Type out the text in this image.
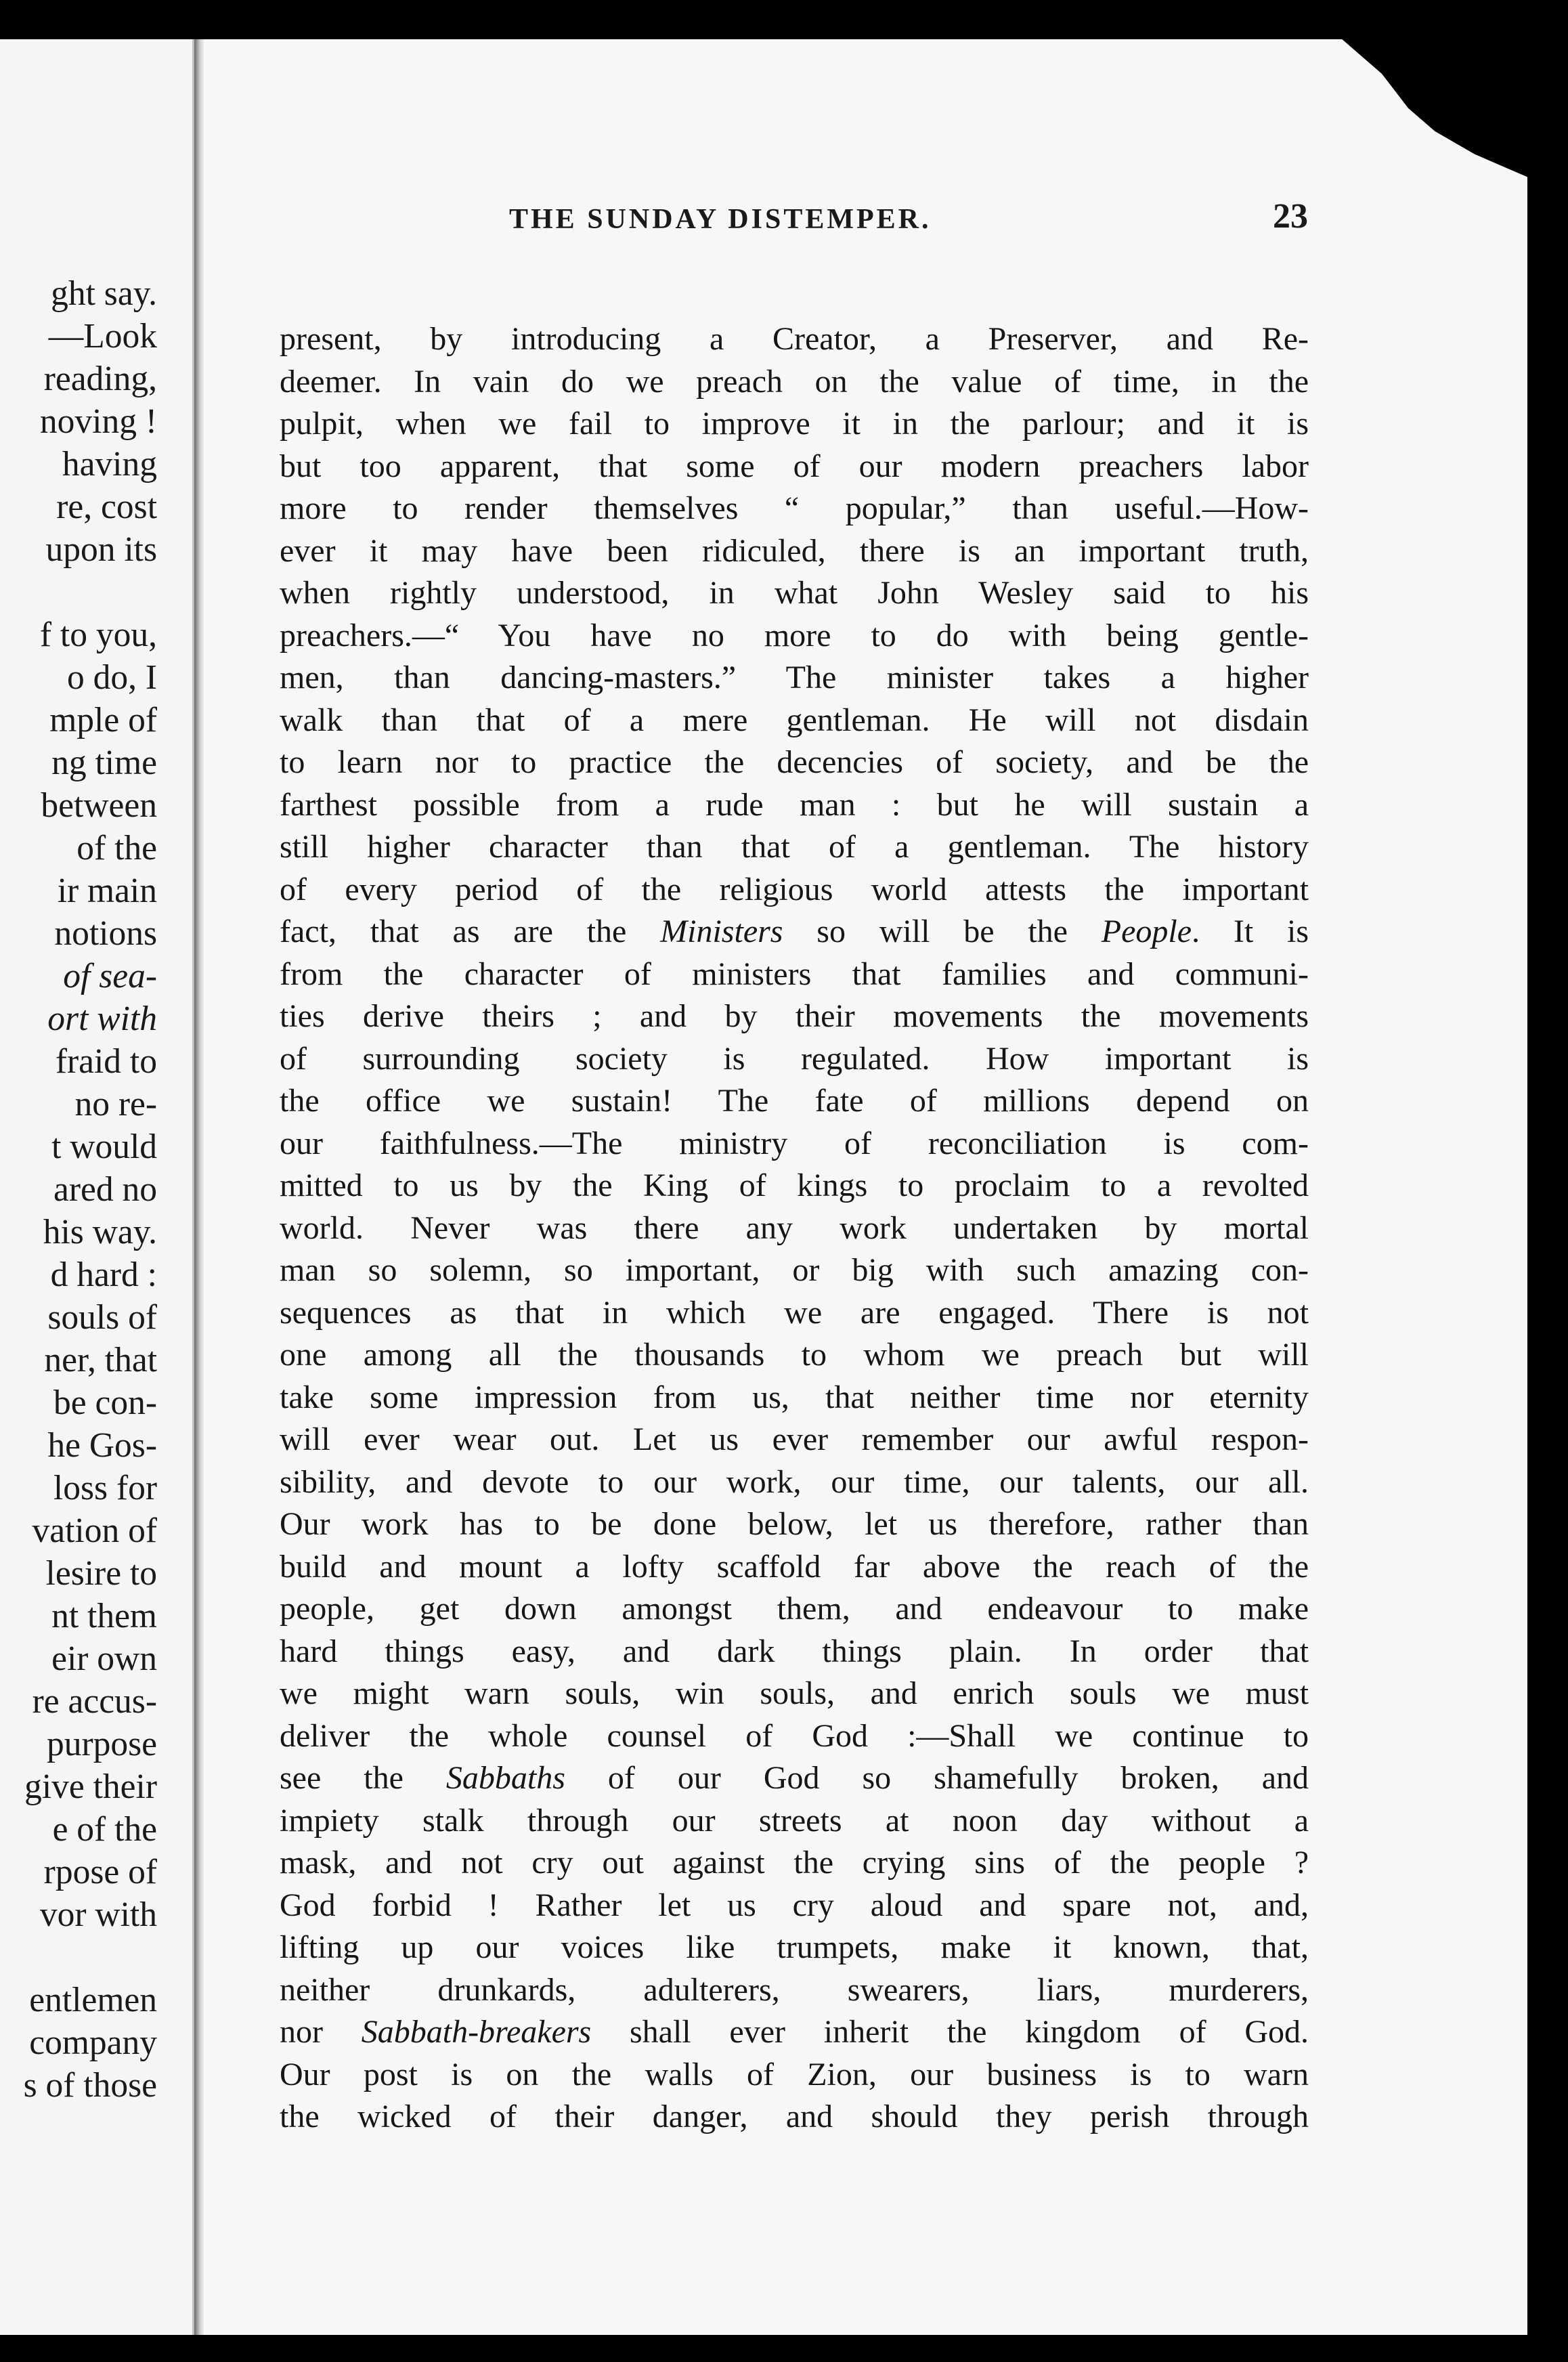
ght say.
—Look
reading,
noving !
having
re, cost
upon its
f to you,
o do, I
mple of
ng time
between
of the
ir main
notions
of sea-
ort with
fraid to
no re-
t would
ared no
his way.
d hard :
souls of
ner, that
be con-
he Gos-
loss for
vation of
lesire to
nt them
eir own
re accus-
purpose
give their
e of the
rpose of
vor with
entlemen
company
s of those
THE SUNDAY DISTEMPER.	23
present, by introducing a Creator, a Preserver, and Re-
deemer. In vain do we preach on the value of time, in the
pulpit, when we fail to improve it in the parlour; and it is
but too apparent, that some of our modern preachers labor
more to render themselves “ popular,” than useful.—How-
ever it may have been ridiculed, there is an important truth,
when rightly understood, in what John Wesley said to his
preachers.—“ You have no more to do with being gentle-
men, than dancing-masters.” The minister takes a higher
walk than that of a mere gentleman. He will not disdain
to learn nor to practice the decencies of society, and be the
farthest possible from a rude man : but he will sustain a
still higher character than that of a gentleman. The history
of every period of the religious world attests the important
fact, that as are the Ministers so will be the People. It is
from the character of ministers that families and communi-
ties derive theirs ; and by their movements the movements
of surrounding society is regulated. How important is
the office we sustain! The fate of millions depend on
our faithfulness.—The ministry of reconciliation is com-
mitted to us by the King of kings to proclaim to a revolted
world. Never was there any work undertaken by mortal
man so solemn, so important, or big with such amazing con-
sequences as that in which we are engaged. There is not
one among all the thousands to whom we preach but will
take some impression from us, that neither time nor eternity
will ever wear out. Let us ever remember our awful respon-
sibility, and devote to our work, our time, our talents, our all.
Our work has to be done below, let us therefore, rather than
build and mount a lofty scaffold far above the reach of the
people, get down amongst them, and endeavour to make
hard things easy, and dark things plain. In order that
we might warn souls, win souls, and enrich souls we must
deliver the whole counsel of God :—Shall we continue to
see the Sabbaths of our God so shamefully broken, and
impiety stalk through our streets at noon day without a
mask, and not cry out against the crying sins of the people ?
God forbid ! Rather let us cry aloud and spare not, and,
lifting up our voices like trumpets, make it known, that,
neither drunkards, adulterers, swearers, liars, murderers,
nor Sabbath-breakers shall ever inherit the kingdom of God.
Our post is on the walls of Zion, our business is to warn
the wicked of their danger, and should they perish through
